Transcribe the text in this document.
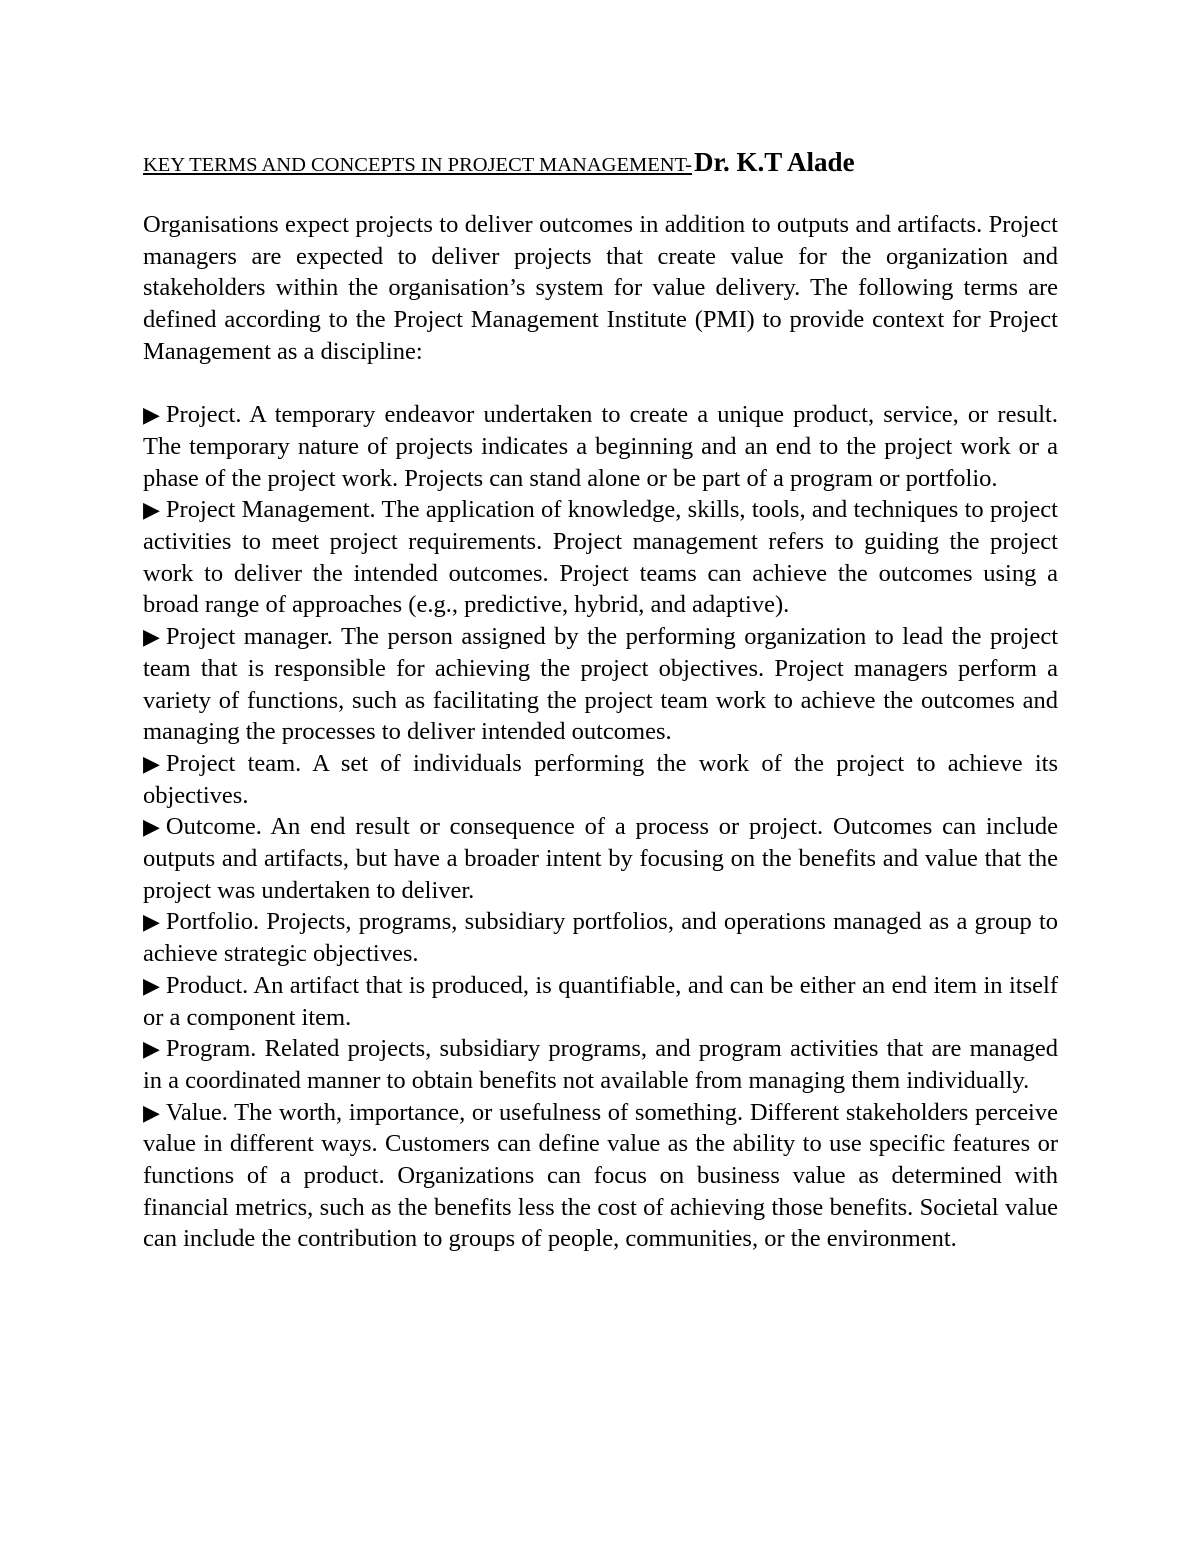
KEY TERMS AND CONCEPTS IN PROJECT MANAGEMENT-Dr. K.T Alade

Organisations expect projects to deliver outcomes in addition to outputs and artifacts. Project managers are expected to deliver projects that create value for the organization and stakeholders within the organisation’s system for value delivery. The following terms are defined according to the Project Management Institute (PMI) to provide context for Project Management as a discipline:

▶ Project. A temporary endeavor undertaken to create a unique product, service, or result. The temporary nature of projects indicates a beginning and an end to the project work or a phase of the project work. Projects can stand alone or be part of a program or portfolio.
▶ Project Management. The application of knowledge, skills, tools, and techniques to project activities to meet project requirements. Project management refers to guiding the project work to deliver the intended outcomes. Project teams can achieve the outcomes using a broad range of approaches (e.g., predictive, hybrid, and adaptive).
▶ Project manager. The person assigned by the performing organization to lead the project team that is responsible for achieving the project objectives. Project managers perform a variety of functions, such as facilitating the project team work to achieve the outcomes and managing the processes to deliver intended outcomes.
▶ Project team. A set of individuals performing the work of the project to achieve its objectives.
▶ Outcome. An end result or consequence of a process or project. Outcomes can include outputs and artifacts, but have a broader intent by focusing on the benefits and value that the project was undertaken to deliver.
▶ Portfolio. Projects, programs, subsidiary portfolios, and operations managed as a group to achieve strategic objectives.
▶ Product. An artifact that is produced, is quantifiable, and can be either an end item in itself or a component item.
▶ Program. Related projects, subsidiary programs, and program activities that are managed in a coordinated manner to obtain benefits not available from managing them individually.
▶ Value. The worth, importance, or usefulness of something. Different stakeholders perceive value in different ways. Customers can define value as the ability to use specific features or functions of a product. Organizations can focus on business value as determined with financial metrics, such as the benefits less the cost of achieving those benefits. Societal value can include the contribution to groups of people, communities, or the environment.
